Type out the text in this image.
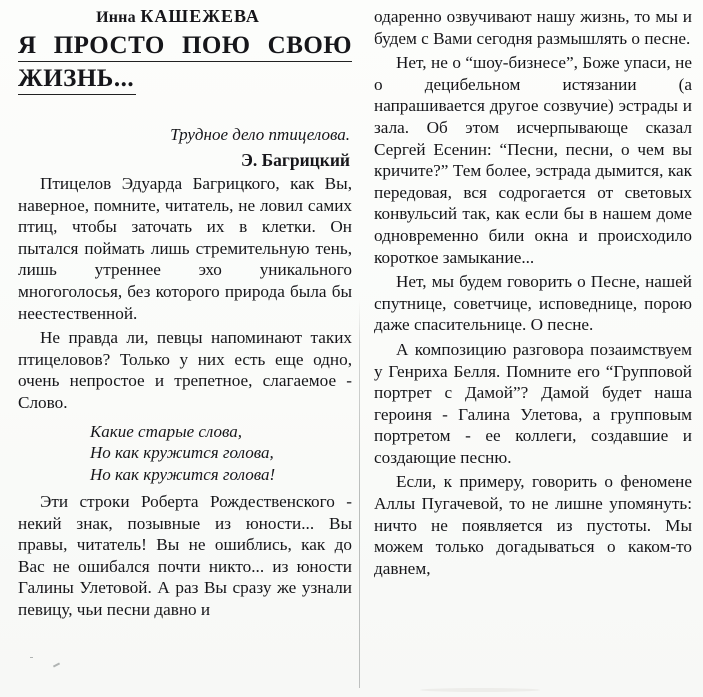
Инна КАШЕЖЕВА
Я ПРОСТО ПОЮ СВОЮ
ЖИЗНЬ...
Трудное дело птицелова.
Э. Багрицкий

Птицелов Эдуарда Багрицкого, как Вы, наверное, помните, читатель, не ловил самих птиц, чтобы заточать их в клетки. Он пытался поймать лишь стремительную тень, лишь утреннее эхо уникального многоголосья, без которого природа была бы неестественной.

Не правда ли, певцы напоминают таких птицеловов? Только у них есть еще одно, очень непростое и трепетное, слагаемое - Слово.

Какие старые слова,
Но как кружится голова,
Но как кружится голова!

Эти строки Роберта Рождественского - некий знак, позывные из юности... Вы правы, читатель! Вы не ошиблись, как до Вас не ошибался почти никто... из юности Галины Улетовой. А раз Вы сразу же узнали певицу, чьи песни давно и

одаренно озвучивают нашу жизнь, то мы и будем с Вами сегодня размышлять о песне.

Нет, не о “шоу-бизнесе”, Боже упаси, не о децибельном истязании (а напрашивается другое созвучие) эстрады и зала. Об этом исчерпывающе сказал Сергей Есенин: “Песни, песни, о чем вы кричите?” Тем более, эстрада дымится, как передовая, вся содрогается от световых конвульсий так, как если бы в нашем доме одновременно били окна и происходило короткое замыкание...

Нет, мы будем говорить о Песне, нашей спутнице, советчице, исповеднице, порою даже спасительнице. О песне.

А композицию разговора позаимствуем у Генриха Белля. Помните его “Групповой портрет с Дамой”? Дамой будет наша героиня - Галина Улетова, а групповым портретом - ее коллеги, создавшие и создающие песню.

Если, к примеру, говорить о феномене Аллы Пугачевой, то не лишне упомянуть: ничто не появляется из пустоты. Мы можем только догадываться о каком-то давнем,
